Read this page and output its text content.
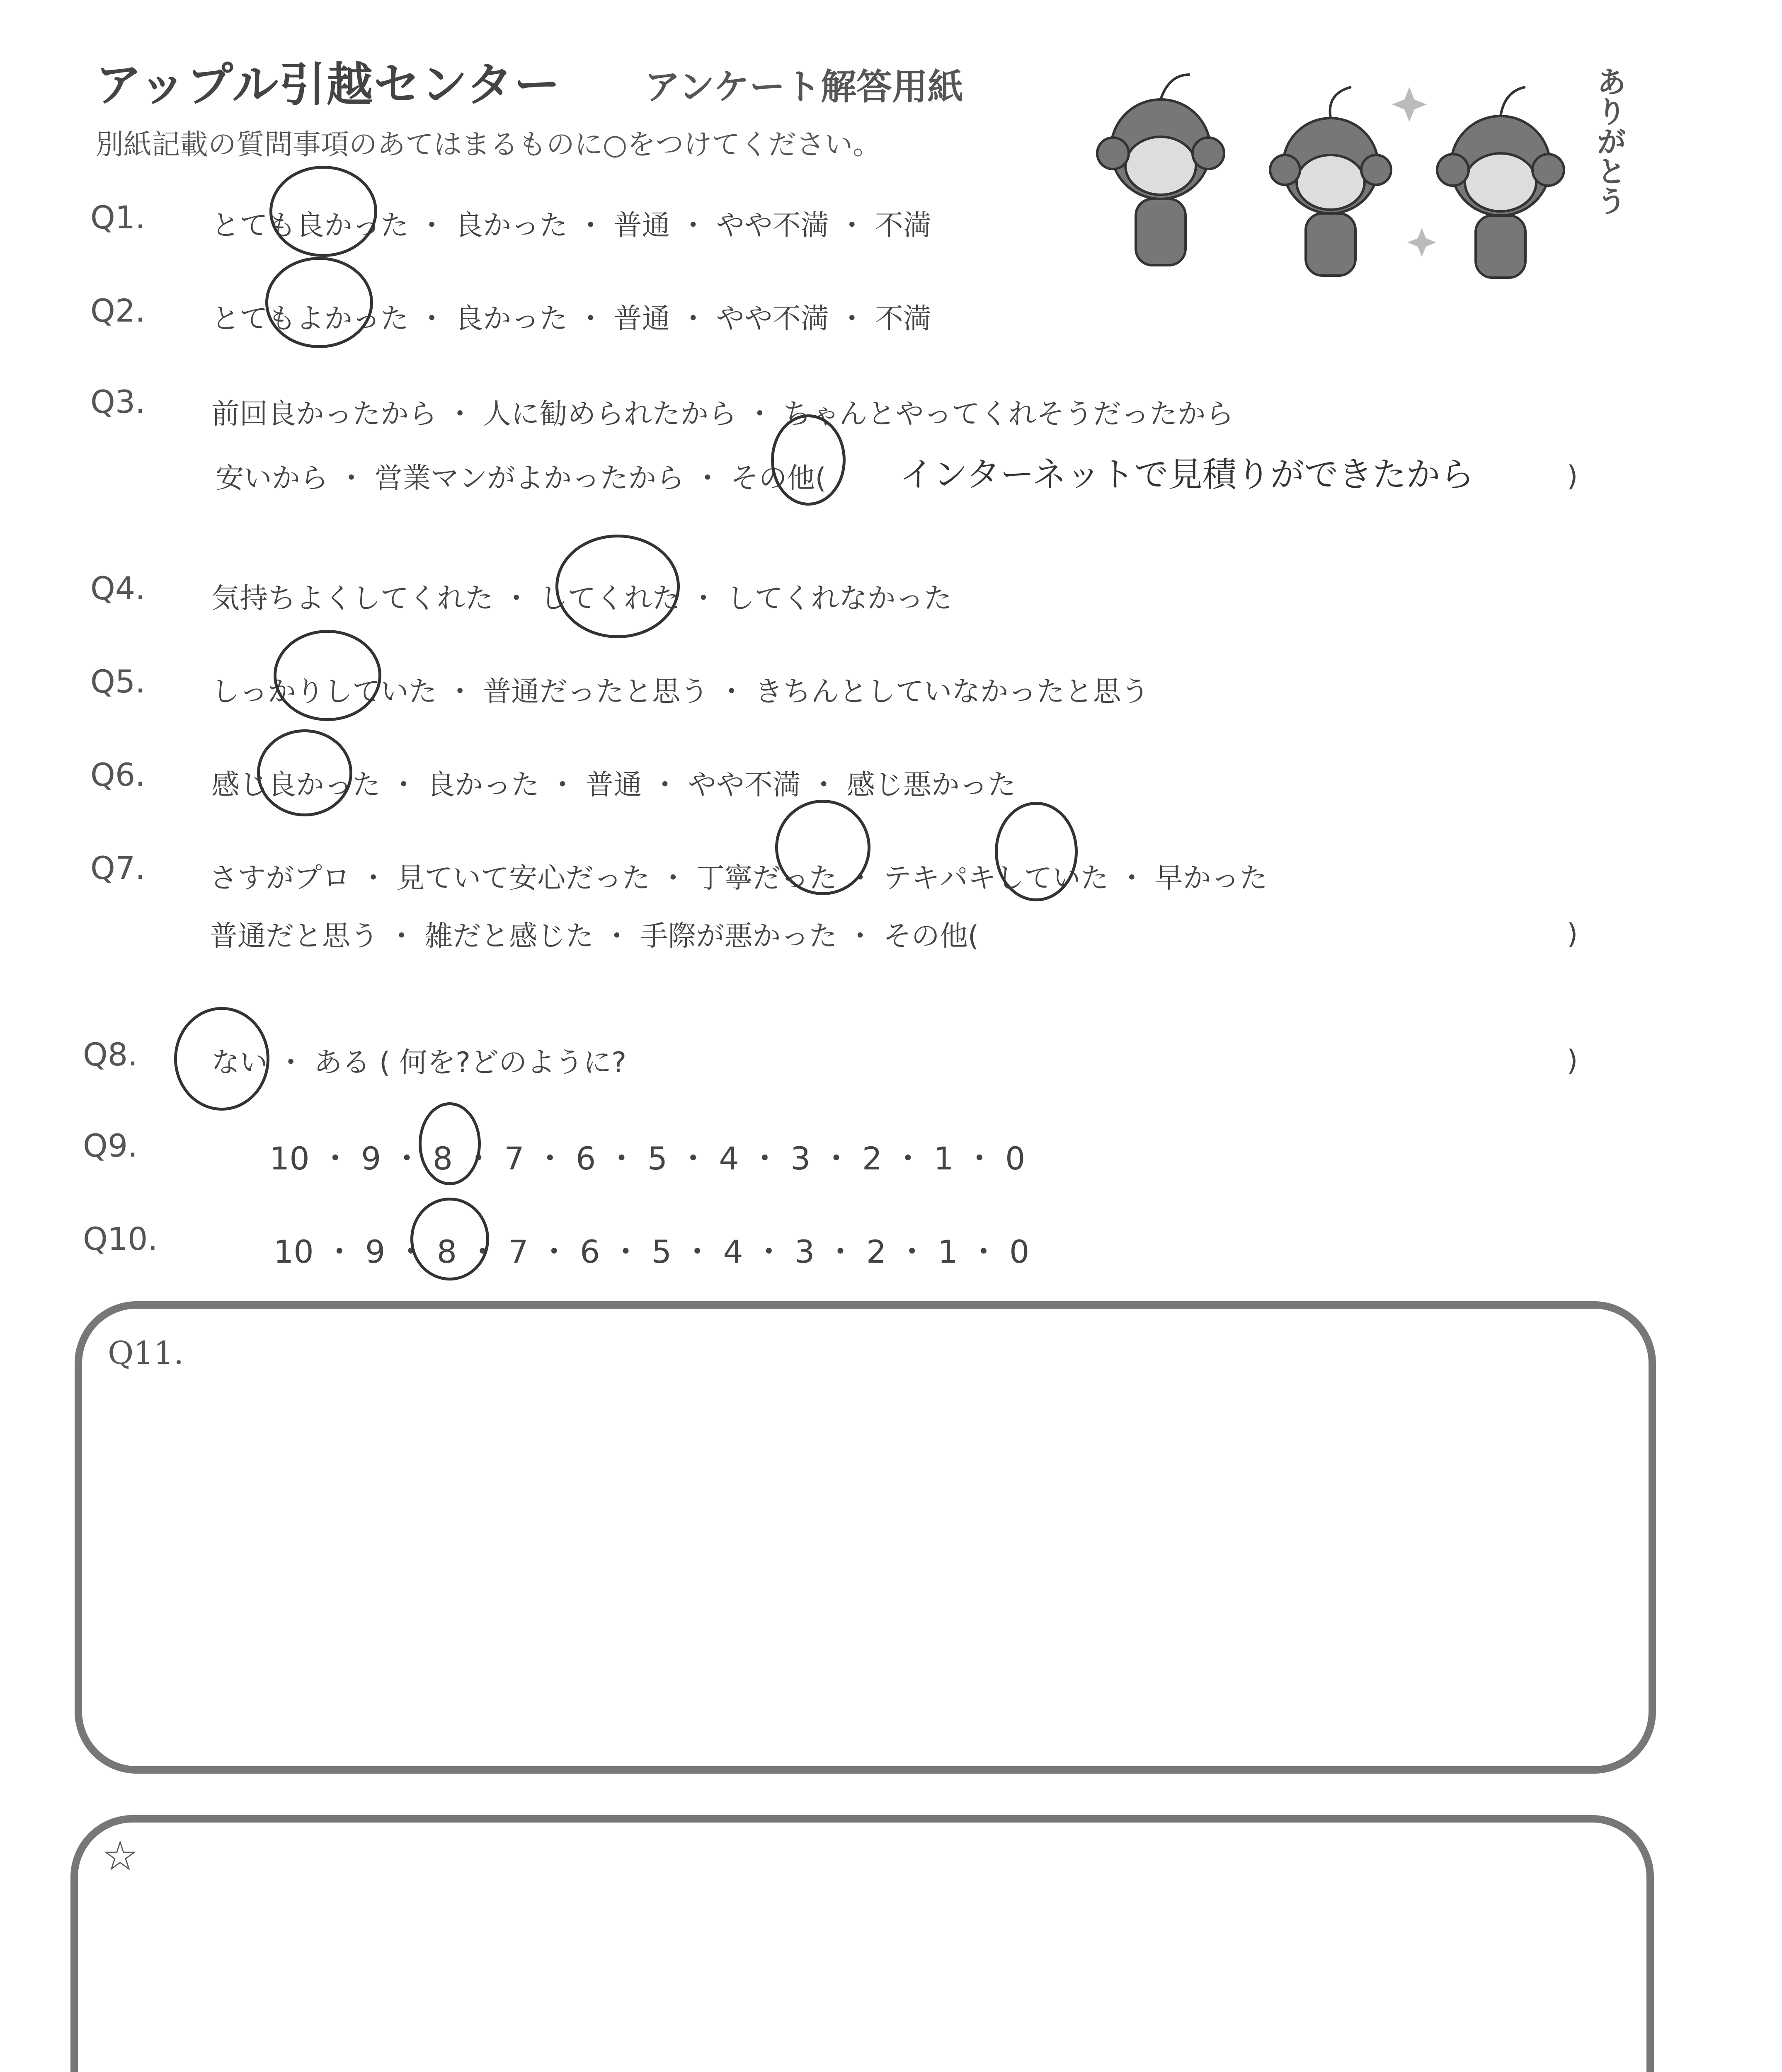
アップル引越センター アンケート解答用紙
別紙記載の質問事項のあてはまるものに○をつけてください。	ありがとう
Q1. とても良かった ・ 良かった ・ 普通 ・ やや不満 ・ 不満
Q2. とてもよかった ・ 良かった ・ 普通 ・ やや不満 ・ 不満
Q3. 前回良かったから ・ 人に勧められたから ・ ちゃんとやってくれそうだったから
安いから ・ 営業マンがよかったから ・ その他( インターネットで見積りができたから	)
Q4. 気持ちよくしてくれた ・ してくれた ・ してくれなかった
Q5. しっかりしていた ・ 普通だったと思う ・ きちんとしていなかったと思う
Q6. 感じ良かった ・ 良かった ・ 普通 ・ やや不満 ・ 感じ悪かった
Q7. さすがプロ ・ 見ていて安心だった ・ 丁寧だった ・ テキパキしていた ・ 早かった
普通だと思う ・ 雑だと感じた ・ 手際が悪かった ・ その他(	)
Q8.	ない ・ ある ( 何を?どのように?	)
Q9.	10 ・ 9 ・ 8 ・ 7 ・ 6 ・ 5 ・ 4 ・ 3 ・ 2 ・ 1 ・ 0
Q10.	10 ・ 9 ・ 8 ・ 7 ・ 6 ・ 5 ・ 4 ・ 3 ・ 2 ・ 1 ・ 0
Q11.
☆
